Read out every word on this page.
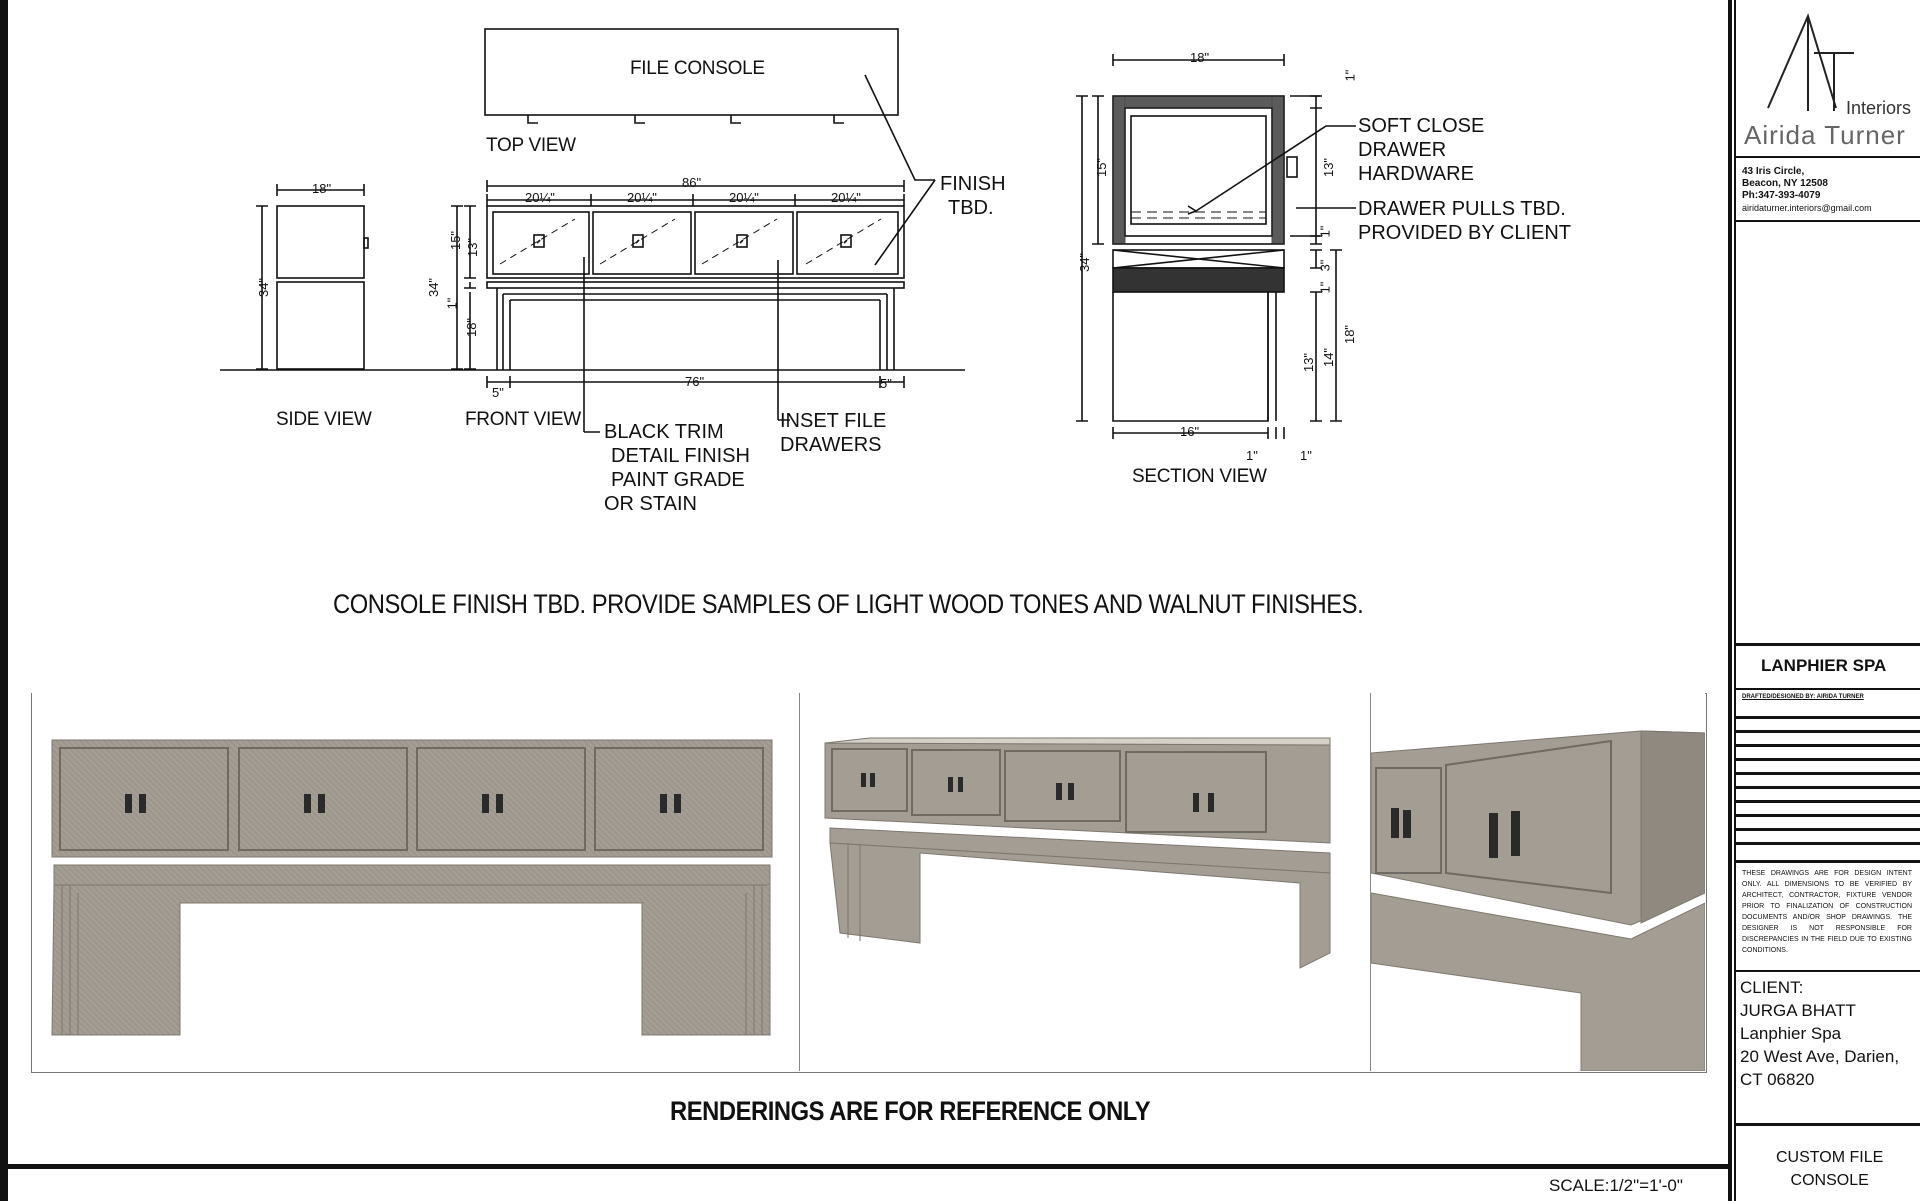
TOP VIEW
SIDE VIEW	FRONT VIEW
SECTION VIEW
FILE CONSOLE
18"
34"
86"
20¼"	20¼"	20¼"	20¼"
34"
15" 13"
1"
18"
76"
5"
5"
18"
16"
34"
15"	13"
1"
1"
3"
1"
18"
13" 14"
1"	1"
FINISH
TBD.
BLACK TRIM
DETAIL FINISH
PAINT GRADE
OR STAIN
INSET FILE
DRAWERS
SOFT CLOSE
DRAWER
HARDWARE
DRAWER PULLS TBD.
PROVIDED BY CLIENT
CONSOLE FINISH TBD. PROVIDE SAMPLES OF LIGHT WOOD TONES AND WALNUT FINISHES.
RENDERINGS ARE FOR REFERENCE ONLY
SCALE:1/2"=1'-0"
Interiors
Airida Turner
43 Iris Circle,
Beacon, NY 12508
Ph:347-393-4079
airidaturner.interiors@gmail.com
LANPHIER SPA
DRAFTED/DESIGNED BY: AIRIDA TURNER
THESE DRAWINGS ARE FOR DESIGN INTENT ONLY. ALL DIMENSIONS TO BE VERIFIED BY ARCHITECT, CONTRACTOR, FIXTURE VENDOR PRIOR TO FINALIZATION OF CONSTRUCTION DOCUMENTS AND/OR SHOP DRAWINGS. THE DESIGNER IS NOT RESPONSIBLE FOR DISCREPANCIES IN THE FIELD DUE TO EXISTING CONDITIONS.
CLIENT:
JURGA BHATT
Lanphier Spa
20 West Ave, Darien,
CT 06820
CUSTOM FILE
CONSOLE
